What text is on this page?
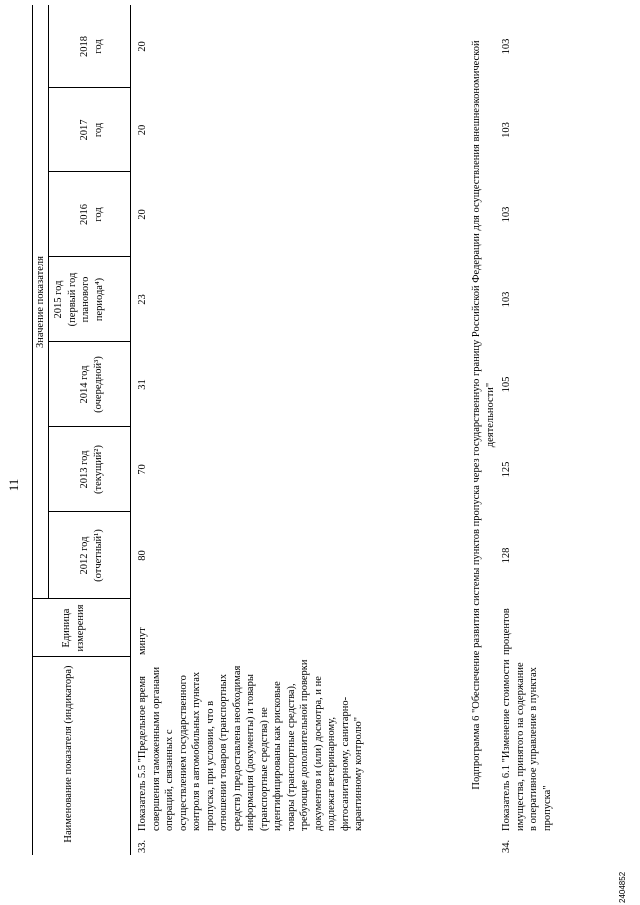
11
Наименование показателя (индикатора)
Единица измерения
Значение показателя
2012 год (отчетный¹)
2013 год (текущий²)
2014 год (очередной³)
2015 год (первый год планового периода⁴)
2016 год
2017 год
2018 год
33.
Показатель 5.5 "Предельное время совершения таможенными органами операций, связанных с осуществлением государственного контроля в автомобильных пунктах пропуска, при условии, что в отношении товаров (транспортных средств) предоставлена необходимая информация (документы) и товары (транспортные средства) не идентифицированы как рисковые товары (транспортные средства), требующие дополнительной проверки документов и (или) досмотра, и не подлежат ветеринарному, фитосанитарному, санитарно-карантинному контролю"
минут
80
70
31
23
20
20
20	Подпрограмма 6 "Обеспечение развития системы пунктов пропуска через государственную границу Российской Федерации для осуществления внешнеэкономической деятельности"
34.
Показатель 6.1 "Изменение стоимости имущества, принятого на содержание в оперативное управление в пунктах пропуска"
процентов
128
125
105
103
103
103
103
2404852
